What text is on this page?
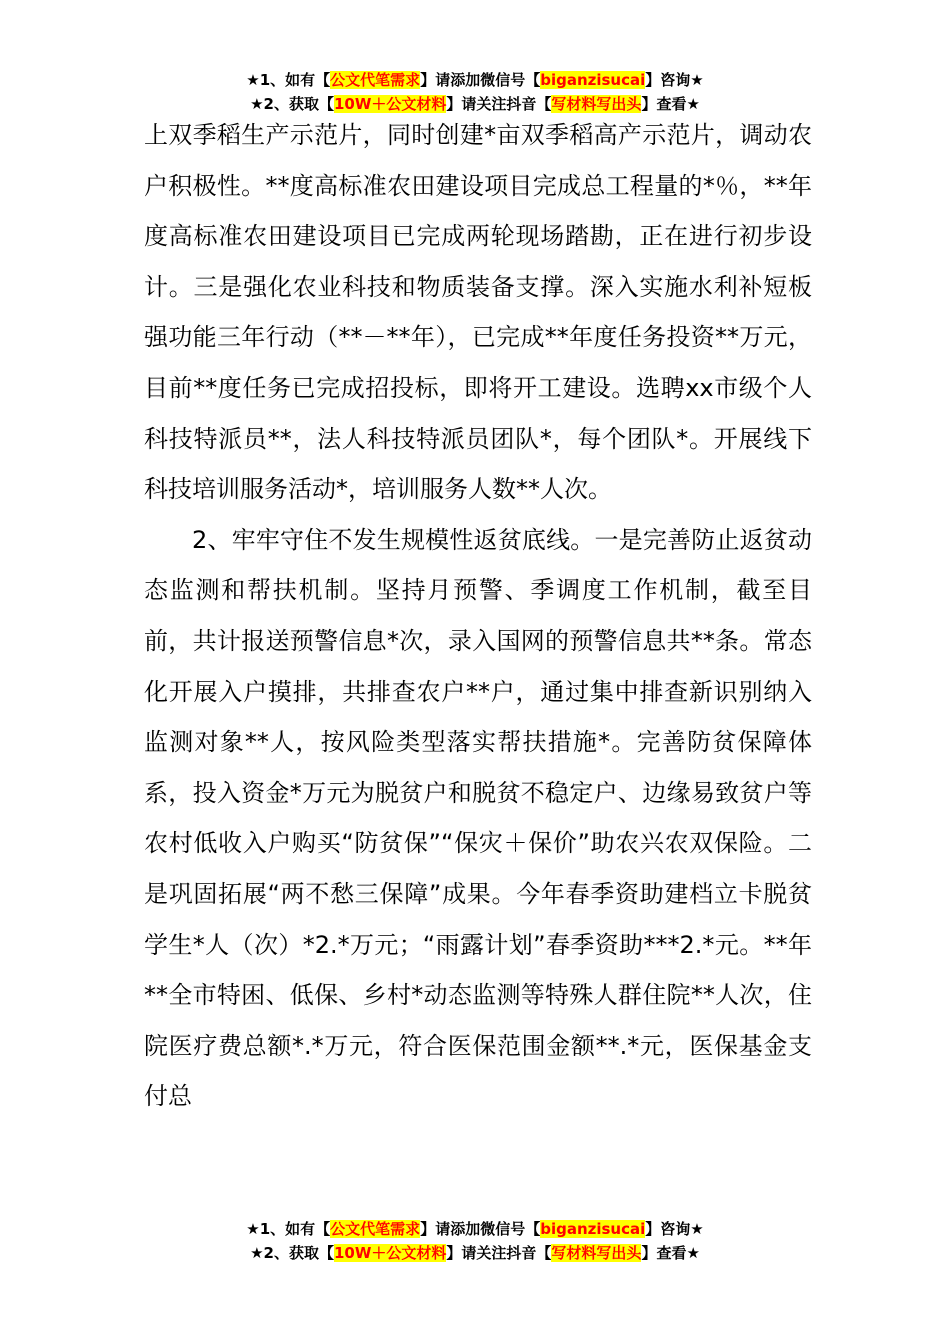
★1、如有【公文代笔需求】请添加微信号【biganzisucai】咨询★
★2、获取【10W＋公文材料】请关注抖音【写材料写出头】查看★

上双季稻生产示范片，同时创建*亩双季稻高产示范片，调动农户积极性。**度高标准农田建设项目完成总工程量的*％，**年度高标准农田建设项目已完成两轮现场踏勘，正在进行初步设计。三是强化农业科技和物质装备支撑。深入实施水利补短板强功能三年行动（**－**年），已完成**年度任务投资**万元，目前**度任务已完成招投标，即将开工建设。选聘xx市级个人科技特派员**，法人科技特派员团队*，每个团队*。开展线下科技培训服务活动*，培训服务人数**人次。

2、牢牢守住不发生规模性返贫底线。一是完善防止返贫动态监测和帮扶机制。坚持月预警、季调度工作机制，截至目前，共计报送预警信息*次，录入国网的预警信息共**条。常态化开展入户摸排，共排查农户**户，通过集中排查新识别纳入监测对象**人，按风险类型落实帮扶措施*。完善防贫保障体系，投入资金*万元为脱贫户和脱贫不稳定户、边缘易致贫户等农村低收入户购买“防贫保”“保灾＋保价”助农兴农双保险。二是巩固拓展“两不愁三保障”成果。今年春季资助建档立卡脱贫学生*人（次）*2.*万元；“雨露计划”春季资助***2.*元。**年**全市特困、低保、乡村*动态监测等特殊人群住院**人次，住院医疗费总额*.*万元，符合医保范围金额**.*元，医保基金支付总

★1、如有【公文代笔需求】请添加微信号【biganzisucai】咨询★
★2、获取【10W＋公文材料】请关注抖音【写材料写出头】查看★
